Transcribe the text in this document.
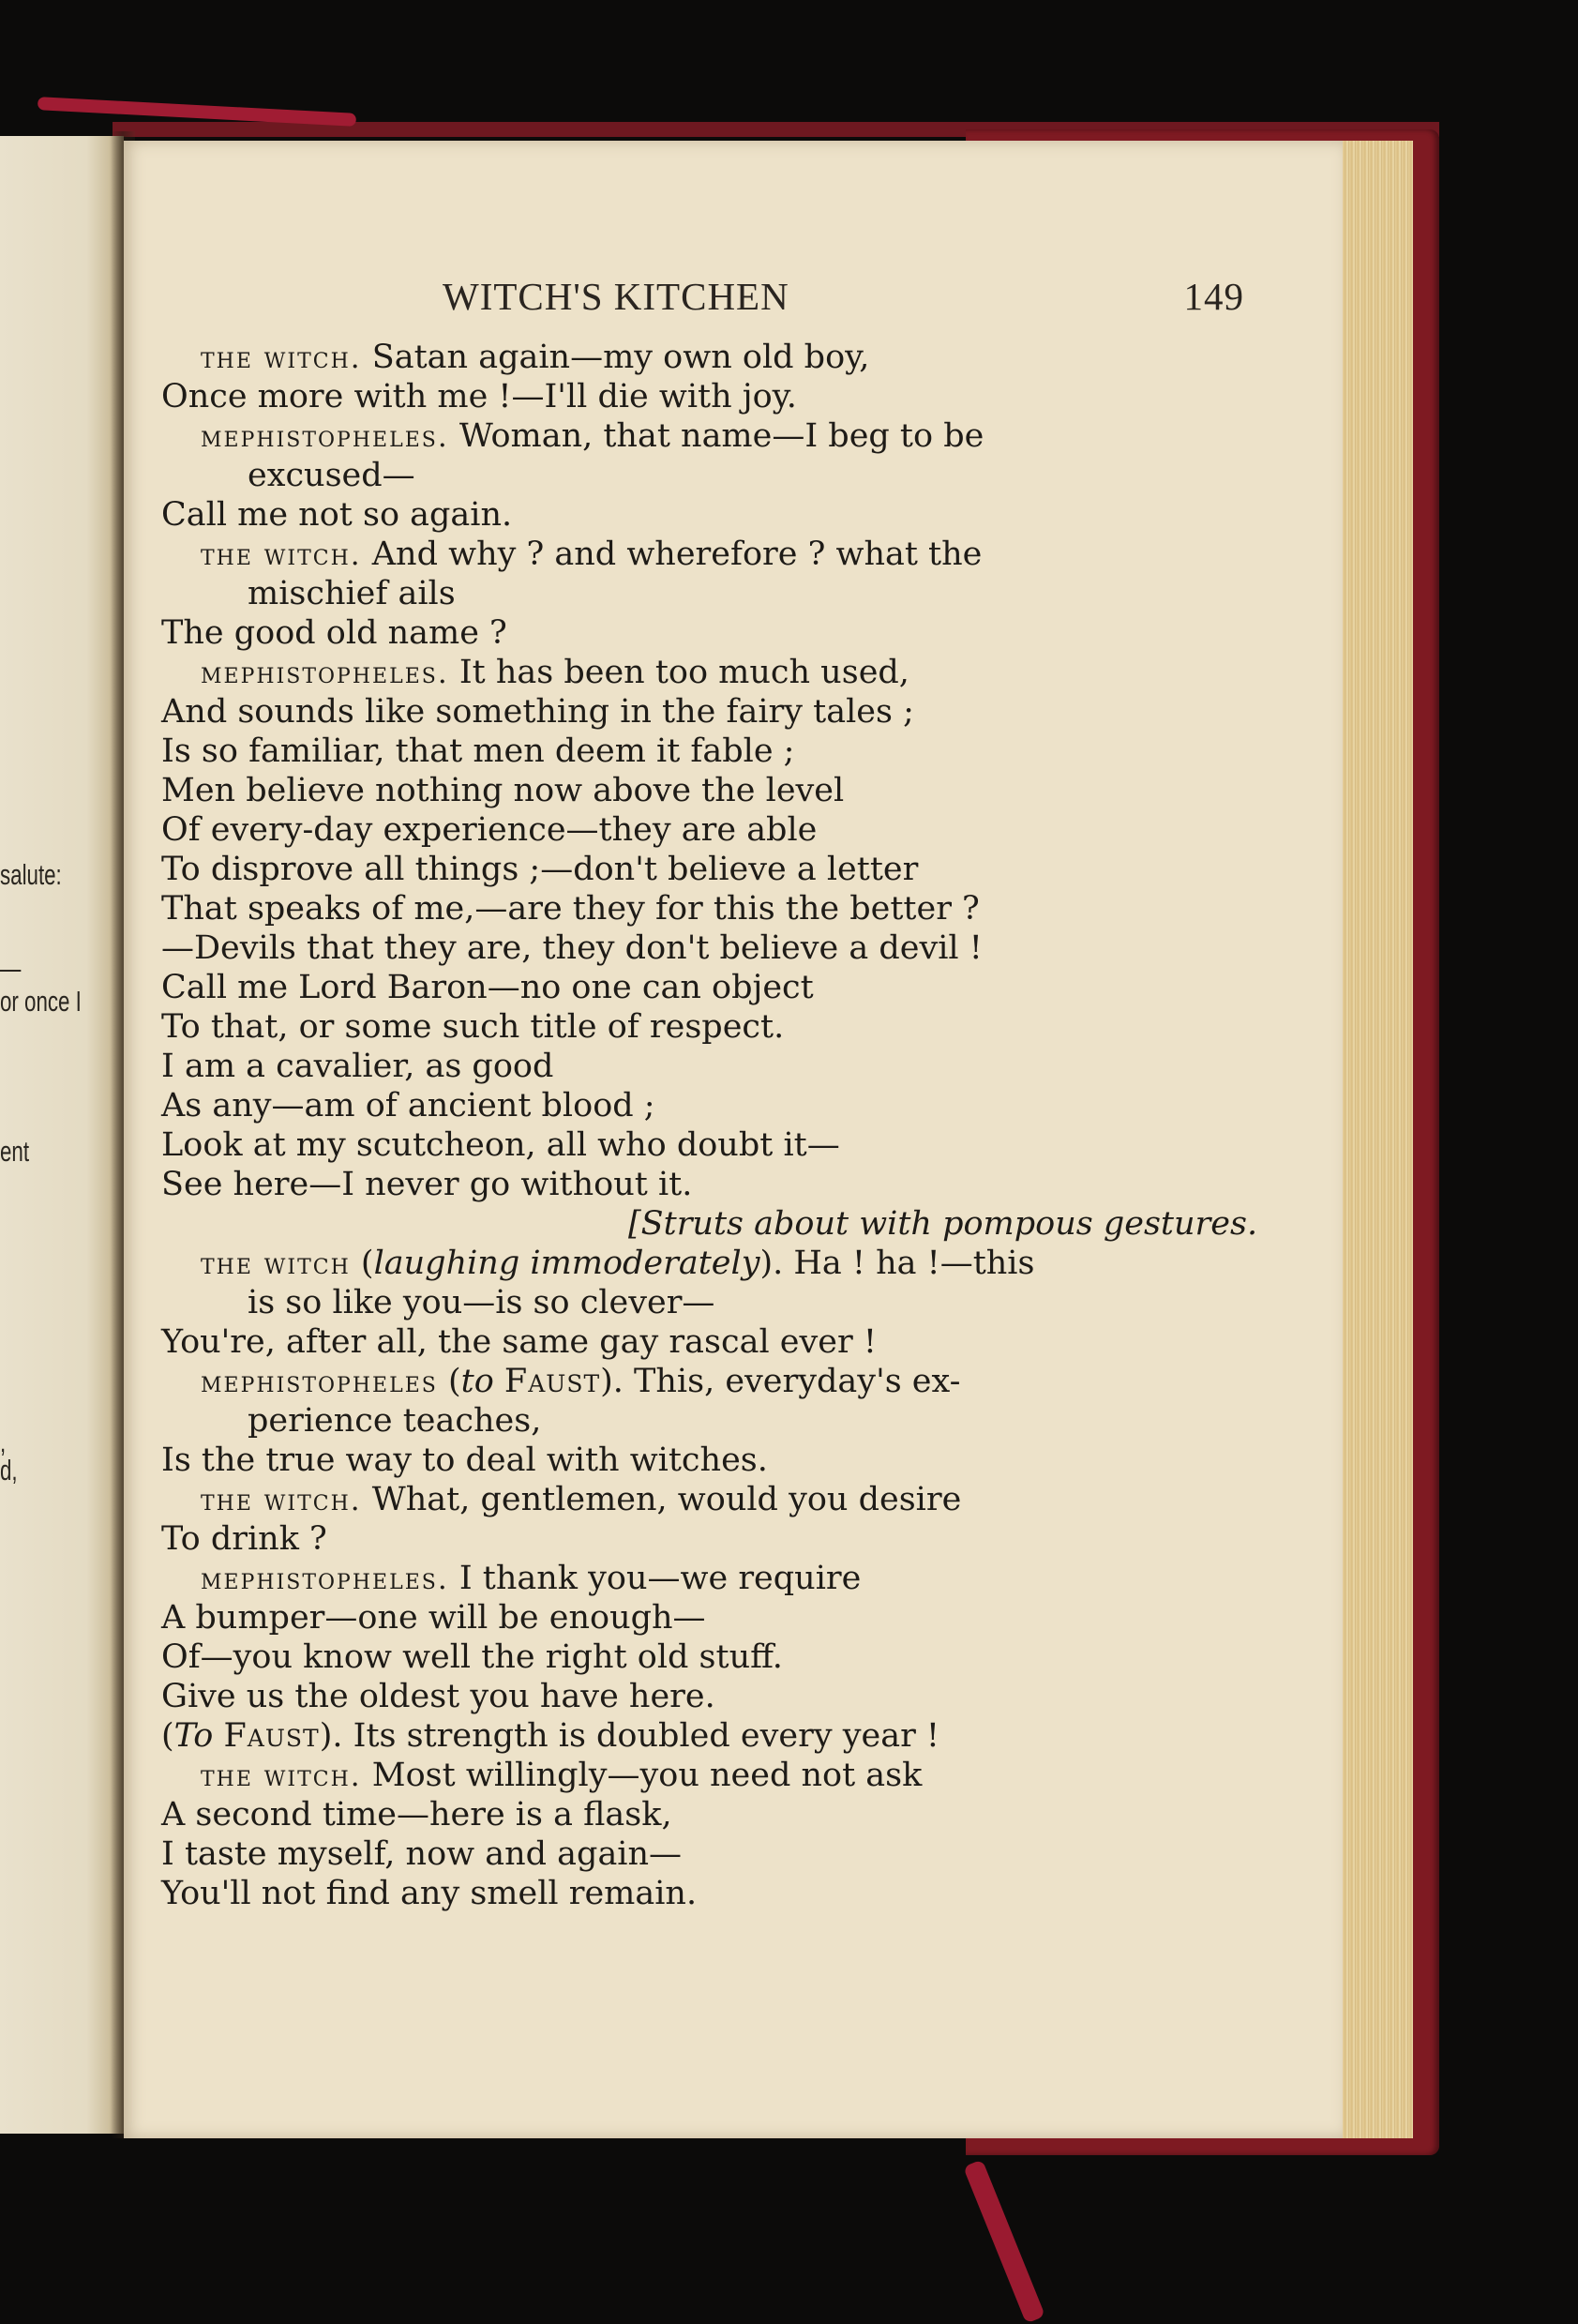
salute:
—
or once I
ent
,
d,
WITCH'S KITCHEN	149
the witch. Satan again—my own old boy,
Once more with me !—I'll die with joy.
mephistopheles. Woman, that name—I beg to be
excused—
Call me not so again.
the witch. And why ? and wherefore ? what the
mischief ails
The good old name ?
mephistopheles. It has been too much used,
And sounds like something in the fairy tales ;
Is so familiar, that men deem it fable ;
Men believe nothing now above the level
Of every-day experience—they are able
To disprove all things ;—don't believe a letter
That speaks of me,—are they for this the better ?
—Devils that they are, they don't believe a devil !
Call me Lord Baron—no one can object
To that, or some such title of respect.
I am a cavalier, as good
As any—am of ancient blood ;
Look at my scutcheon, all who doubt it—
See here—I never go without it.
[Struts about with pompous gestures.
the witch (laughing immoderately). Ha ! ha !—this
is so like you—is so clever—
You're, after all, the same gay rascal ever !
mephistopheles (to Faust). This, everyday's ex-
perience teaches,
Is the true way to deal with witches.
the witch. What, gentlemen, would you desire
To drink ?
mephistopheles. I thank you—we require
A bumper—one will be enough—
Of—you know well the right old stuff.
Give us the oldest you have here.
(To Faust). Its strength is doubled every year !
the witch. Most willingly—you need not ask
A second time—here is a flask,
I taste myself, now and again—
You'll not find any smell remain.
